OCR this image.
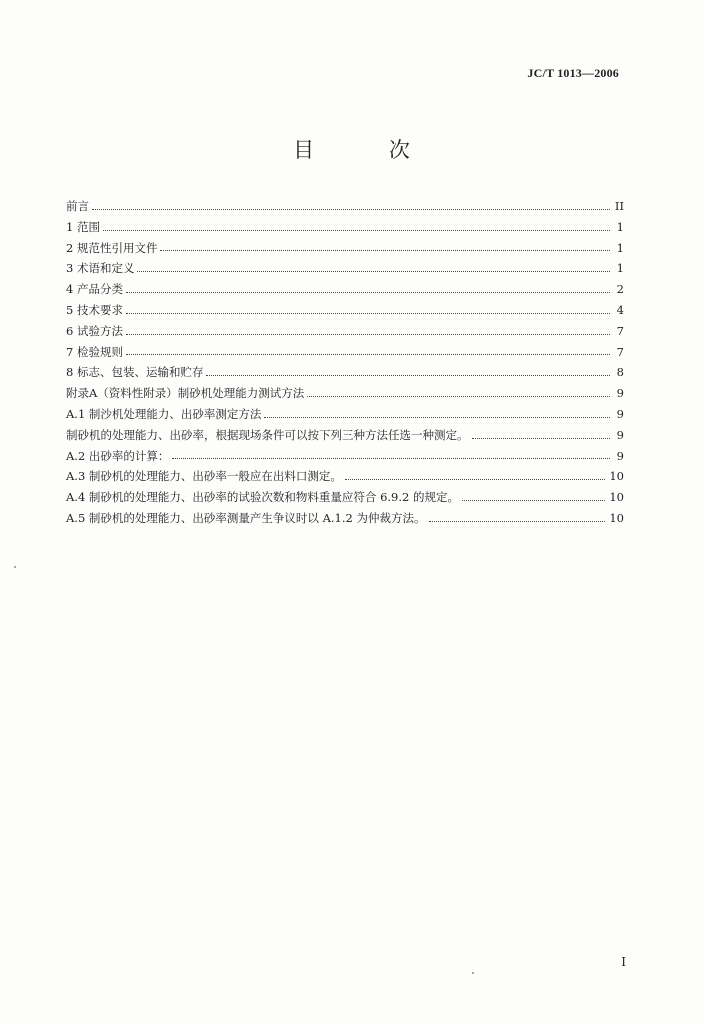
JC/T 1013—2006
目 次
前言	II
1 范围	1
2 规范性引用文件	1
3 术语和定义	1
4 产品分类	2
5 技术要求	4
6 试验方法	7
7 检验规则	7
8 标志、包装、运输和贮存	8
附录A（资料性附录）制砂机处理能力测试方法	9
A.1 制沙机处理能力、出砂率测定方法	9
制砂机的处理能力、出砂率，根据现场条件可以按下列三种方法任选一种测定。	9
A.2 出砂率的计算：	9
A.3 制砂机的处理能力、出砂率一般应在出料口测定。	10
A.4 制砂机的处理能力、出砂率的试验次数和物料重量应符合 6.9.2 的规定。	10
A.5 制砂机的处理能力、出砂率测量产生争议时以 A.1.2 为仲裁方法。	10
I
